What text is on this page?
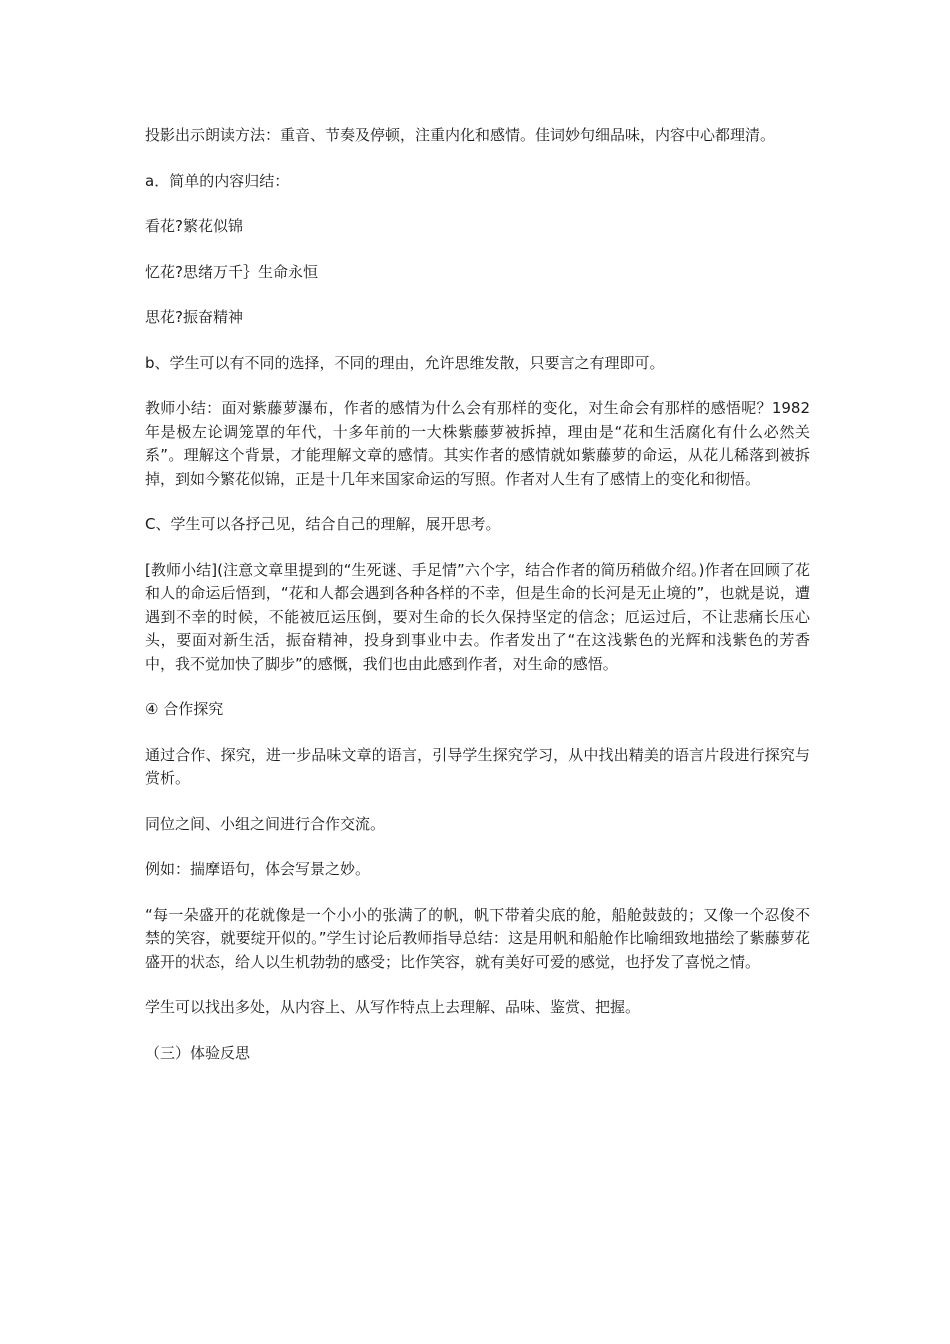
投影出示朗读方法：重音、节奏及停顿，注重内化和感情。佳词妙句细品味，内容中心都理清。

a．简单的内容归结：

看花?繁花似锦

忆花?思绪万千｝生命永恒

思花?振奋精神

b、学生可以有不同的选择，不同的理由，允许思维发散，只要言之有理即可。

教师小结：面对紫藤萝瀑布，作者的感情为什么会有那样的变化，对生命会有那样的感悟呢？1982年是极左论调笼罩的年代，十多年前的一大株紫藤萝被拆掉，理由是“花和生活腐化有什么必然关系”。理解这个背景，才能理解文章的感情。其实作者的感情就如紫藤萝的命运，从花儿稀落到被拆掉，到如今繁花似锦，正是十几年来国家命运的写照。作者对人生有了感情上的变化和彻悟。

C、学生可以各抒己见，结合自己的理解，展开思考。

[教师小结](注意文章里提到的“生死谜、手足情”六个字，结合作者的简历稍做介绍。)作者在回顾了花和人的命运后悟到，“花和人都会遇到各种各样的不幸，但是生命的长河是无止境的”，也就是说，遭遇到不幸的时候，不能被厄运压倒，要对生命的长久保持坚定的信念；厄运过后，不让悲痛长压心头，要面对新生活，振奋精神，投身到事业中去。作者发出了“在这浅紫色的光辉和浅紫色的芳香中，我不觉加快了脚步”的感慨，我们也由此感到作者，对生命的感悟。

④ 合作探究

通过合作、探究，进一步品味文章的语言，引导学生探究学习，从中找出精美的语言片段进行探究与赏析。

同位之间、小组之间进行合作交流。

例如：揣摩语句，体会写景之妙。

“每一朵盛开的花就像是一个小小的张满了的帆，帆下带着尖底的舱，船舱鼓鼓的；又像一个忍俊不禁的笑容，就要绽开似的。”学生讨论后教师指导总结：这是用帆和船舱作比喻细致地描绘了紫藤萝花盛开的状态，给人以生机勃勃的感受；比作笑容，就有美好可爱的感觉，也抒发了喜悦之情。

学生可以找出多处，从内容上、从写作特点上去理解、品味、鉴赏、把握。

（三）体验反思
